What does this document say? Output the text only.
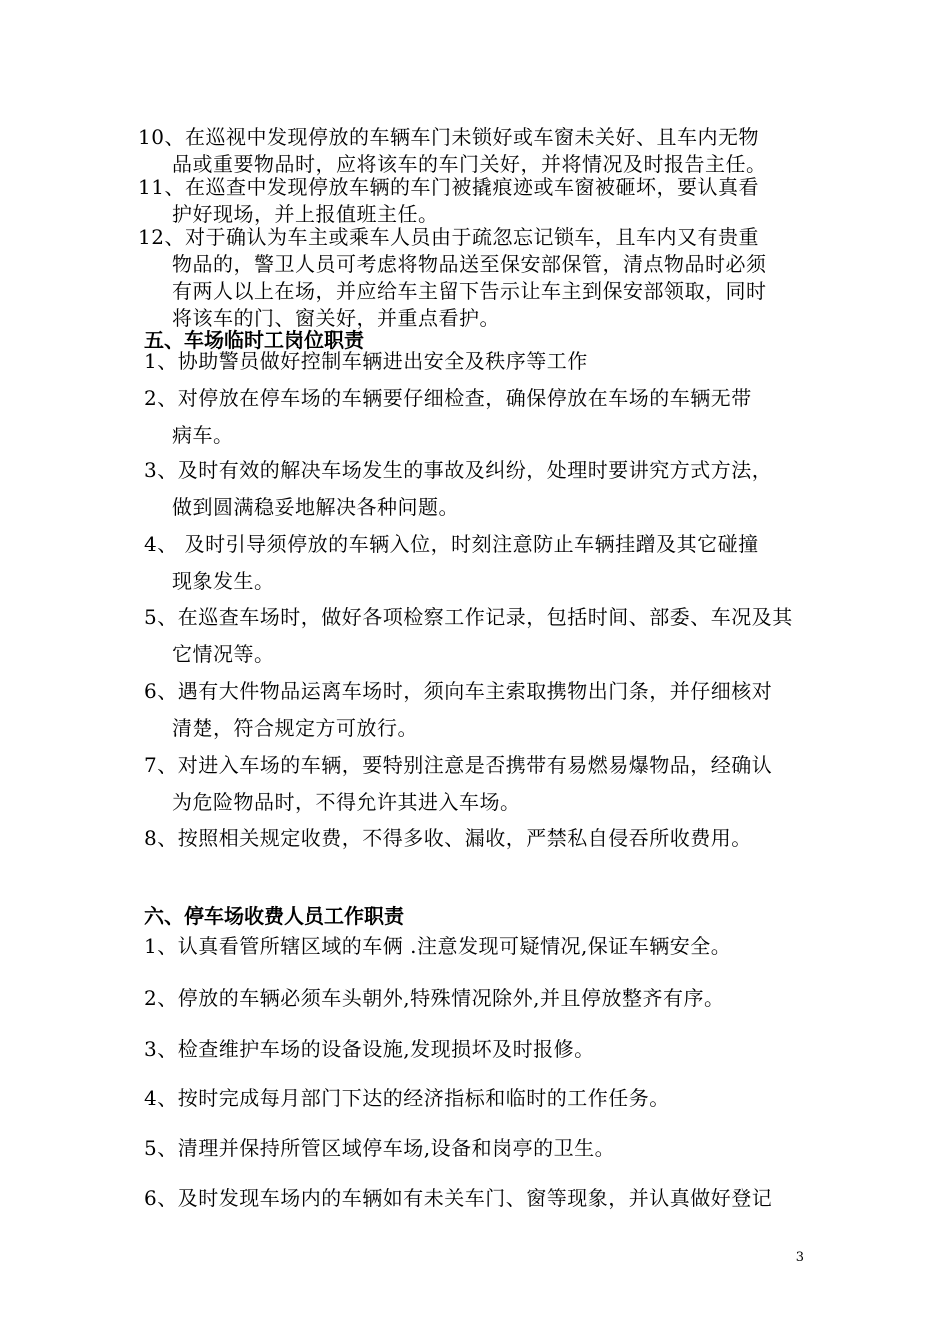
10、在巡视中发现停放的车辆车门未锁好或车窗未关好、且车内无物
品或重要物品时，应将该车的车门关好，并将情况及时报告主任。
11、在巡查中发现停放车辆的车门被撬痕迹或车窗被砸坏，要认真看
护好现场，并上报值班主任。
12、对于确认为车主或乘车人员由于疏忽忘记锁车，且车内又有贵重
物品的，警卫人员可考虑将物品送至保安部保管，清点物品时必须
有两人以上在场，并应给车主留下告示让车主到保安部领取，同时
将该车的门、窗关好，并重点看护。
五、车场临时工岗位职责
1、协助警员做好控制车辆进出安全及秩序等工作
2、对停放在停车场的车辆要仔细检查，确保停放在车场的车辆无带
病车。
3、及时有效的解决车场发生的事故及纠纷，处理时要讲究方式方法，
做到圆满稳妥地解决各种问题。
4、 及时引导须停放的车辆入位，时刻注意防止车辆挂蹭及其它碰撞
现象发生。
5、在巡查车场时，做好各项检察工作记录，包括时间、部委、车况及其
它情况等。
6、遇有大件物品运离车场时，须向车主索取携物出门条，并仔细核对
清楚，符合规定方可放行。
7、对进入车场的车辆，要特别注意是否携带有易燃易爆物品，经确认
为危险物品时，不得允许其进入车场。
8、按照相关规定收费，不得多收、漏收，严禁私自侵吞所收费用。
六、停车场收费人员工作职责
1、认真看管所辖区域的车俩 .注意发现可疑情况,保证车辆安全。
2、停放的车辆必须车头朝外,特殊情况除外,并且停放整齐有序。
3、检查维护车场的设备设施,发现损坏及时报修。
4、按时完成每月部门下达的经济指标和临时的工作任务。
5、清理并保持所管区域停车场,设备和岗亭的卫生。
6、及时发现车场内的车辆如有未关车门、窗等现象，并认真做好登记
3
